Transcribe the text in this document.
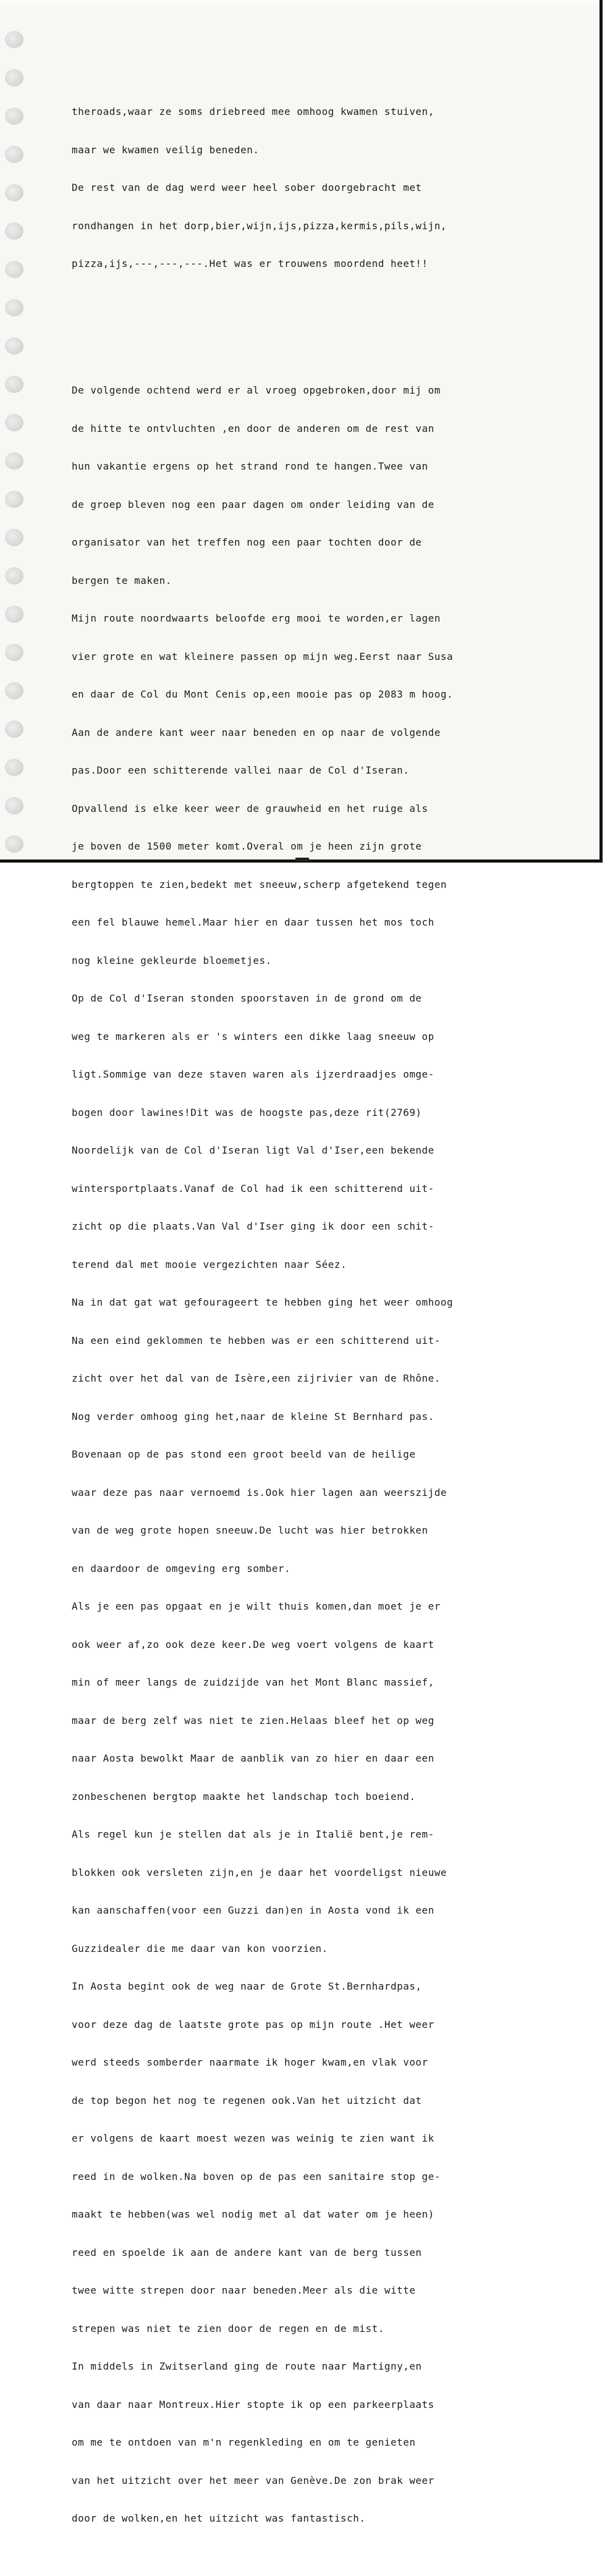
theroads,waar ze soms driebreed mee omhoog kwamen stuiven,

maar we kwamen veilig beneden.

De rest van de dag werd weer heel sober doorgebracht met

rondhangen in het dorp,bier,wijn,ijs,pizza,kermis,pils,wijn,

pizza,ijs,---,---,---.Het was er trouwens moordend heet!!

De volgende ochtend werd er al vroeg opgebroken,door mij om

de hitte te ontvluchten ,en door de anderen om de rest van

hun vakantie ergens op het strand rond te hangen.Twee van

de groep bleven nog een paar dagen om onder leiding van de

organisator van het treffen nog een paar tochten door de

bergen te maken.

Mijn route noordwaarts beloofde erg mooi te worden,er lagen

vier grote en wat kleinere passen op mijn weg.Eerst naar Susa

en daar de Col du Mont Cenis op,een mooie pas op 2083 m hoog.

Aan de andere kant weer naar beneden en op naar de volgende

pas.Door een schitterende vallei naar de Col d'Iseran.

Opvallend is elke keer weer de grauwheid en het ruige als

je boven de 1500 meter komt.Overal om je heen zijn grote

bergtoppen te zien,bedekt met sneeuw,scherp afgetekend tegen

een fel blauwe hemel.Maar hier en daar tussen het mos toch

nog kleine gekleurde bloemetjes.

Op de Col d'Iseran stonden spoorstaven in de grond om de

weg te markeren als er 's winters een dikke laag sneeuw op

ligt.Sommige van deze staven waren als ijzerdraadjes omge-

bogen door lawines!Dit was de hoogste pas,deze rit(2769)

Noordelijk van de Col d'Iseran ligt Val d'Iser,een bekende

wintersportplaats.Vanaf de Col had ik een schitterend uit-

zicht op die plaats.Van Val d'Iser ging ik door een schit-

terend dal met mooie vergezichten naar Séez.

Na in dat gat wat gefourageert te hebben ging het weer omhoog

Na een eind geklommen te hebben was er een schitterend uit-

zicht over het dal van de Isère,een zijrivier van de Rhône.

Nog verder omhoog ging het,naar de kleine St Bernhard pas.

Bovenaan op de pas stond een groot beeld van de heilige

waar deze pas naar vernoemd is.Ook hier lagen aan weerszijde

van de weg grote hopen sneeuw.De lucht was hier betrokken

en daardoor de omgeving erg somber.

Als je een pas opgaat en je wilt thuis komen,dan moet je er

ook weer af,zo ook deze keer.De weg voert volgens de kaart

min of meer langs de zuidzijde van het Mont Blanc massief,

maar de berg zelf was niet te zien.Helaas bleef het op weg

naar Aosta bewolkt Maar de aanblik van zo hier en daar een

zonbeschenen bergtop maakte het landschap toch boeiend.

Als regel kun je stellen dat als je in Italië bent,je rem-

blokken ook versleten zijn,en je daar het voordeligst nieuwe

kan aanschaffen(voor een Guzzi dan)en in Aosta vond ik een

Guzzidealer die me daar van kon voorzien.

In Aosta begint ook de weg naar de Grote St.Bernhardpas,

voor deze dag de laatste grote pas op mijn route .Het weer

werd steeds somberder naarmate ik hoger kwam,en vlak voor

de top begon het nog te regenen ook.Van het uitzicht dat

er volgens de kaart moest wezen was weinig te zien want ik

reed in de wolken.Na boven op de pas een sanitaire stop ge-

maakt te hebben(was wel nodig met al dat water om je heen)

reed en spoelde ik aan de andere kant van de berg tussen

twee witte strepen door naar beneden.Meer als die witte

strepen was niet te zien door de regen en de mist.

In middels in Zwitserland ging de route naar Martigny,en

van daar naar Montreux.Hier stopte ik op een parkeerplaats

om me te ontdoen van m'n regenkleding en om te genieten

van het uitzicht over het meer van Genève.De zon brak weer

door de wolken,en het uitzicht was fantastisch.
